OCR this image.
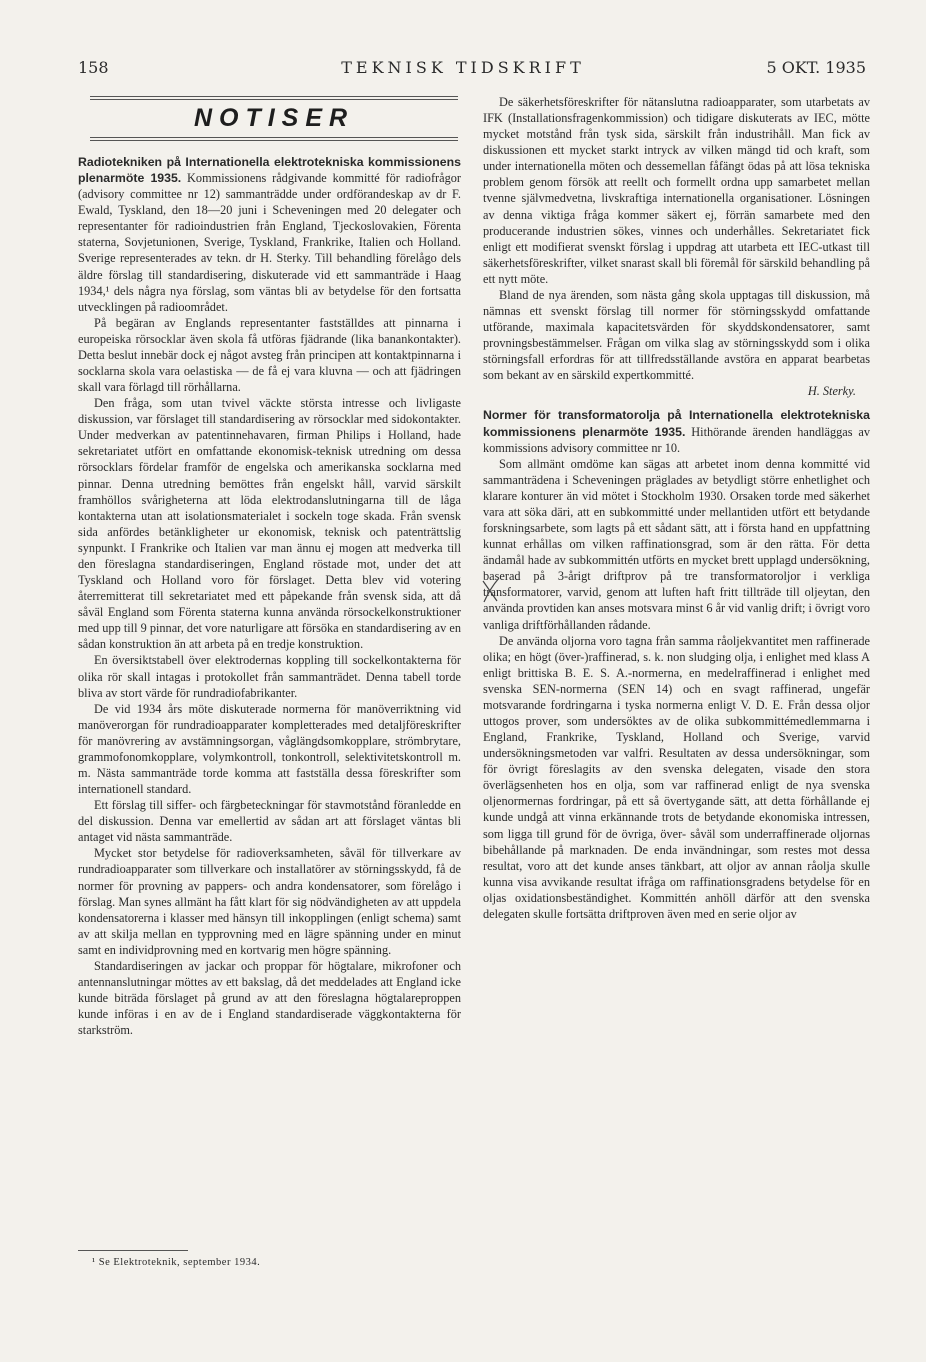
158	TEKNISK TIDSKRIFT	5 OKT. 1935
NOTISER

Radiotekniken på Internationella elektrotekniska kommissionens plenarmöte 1935. Kommissionens rådgivande kommitté för radiofrågor (advisory committee nr 12) sammanträdde under ordförandeskap av dr F. Ewald, Tyskland, den 18—20 juni i Scheveningen med 20 delegater och representanter för radioindustrien från England, Tjeckoslovakien, Förenta staterna, Sovjetunionen, Sverige, Tyskland, Frankrike, Italien och Holland. Sverige representerades av tekn. dr H. Sterky. Till behandling förelågo dels äldre förslag till standardisering, diskuterade vid ett sammanträde i Haag 1934,¹ dels några nya förslag, som väntas bli av betydelse för den fortsatta utvecklingen på radioområdet.

På begäran av Englands representanter fastställdes att pinnarna i europeiska rörsocklar även skola få utföras fjädrande (lika banankontakter). Detta beslut innebär dock ej något avsteg från principen att kontaktpinnarna i socklarna skola vara oelastiska — de få ej vara kluvna — och att fjädringen skall vara förlagd till rörhållarna.

Den fråga, som utan tvivel väckte största intresse och livligaste diskussion, var förslaget till standardisering av rörsocklar med sidokontakter. Under medverkan av patentinnehavaren, firman Philips i Holland, hade sekretariatet utfört en omfattande ekonomisk-teknisk utredning om dessa rörsocklars fördelar framför de engelska och amerikanska socklarna med pinnar. Denna utredning bemöttes från engelskt håll, varvid särskilt framhöllos svårigheterna att löda elektrodanslutningarna till de låga kontakterna utan att isolationsmaterialet i sockeln toge skada. Från svensk sida anfördes betänkligheter ur ekonomisk, teknisk och patenträttslig synpunkt. I Frankrike och Italien var man ännu ej mogen att medverka till den föreslagna standardiseringen, England röstade mot, under det att Tyskland och Holland voro för förslaget. Detta blev vid votering återremitterat till sekretariatet med ett påpekande från svensk sida, att då såväl England som Förenta staterna kunna använda rörsockelkonstruktioner med upp till 9 pinnar, det vore naturligare att försöka en standardisering av en sådan konstruktion än att arbeta på en tredje konstruktion.

En översiktstabell över elektrodernas koppling till sockelkontakterna för olika rör skall intagas i protokollet från sammanträdet. Denna tabell torde bliva av stort värde för rundradiofabrikanter.

De vid 1934 års möte diskuterade normerna för manöverriktning vid manöverorgan för rundradioapparater kompletterades med detaljföreskrifter för manövrering av avstämningsorgan, våglängdsomkopplare, strömbrytare, grammofonomkopplare, volymkontroll, tonkontroll, selektivitetskontroll m. m. Nästa sammanträde torde komma att fastställa dessa föreskrifter som internationell standard.

Ett förslag till siffer- och färgbeteckningar för stavmotstånd föranledde en del diskussion. Denna var emellertid av sådan art att förslaget väntas bli antaget vid nästa sammanträde.

Mycket stor betydelse för radioverksamheten, såväl för tillverkare av rundradioapparater som tillverkare och installatörer av störningsskydd, få de normer för provning av pappers- och andra kondensatorer, som förelågo i förslag. Man synes allmänt ha fått klart för sig nödvändigheten av att uppdela kondensatorerna i klasser med hänsyn till inkopplingen (enligt schema) samt av att skilja mellan en typprovning med en lägre spänning under en minut samt en individprovning med en kortvarig men högre spänning.

Standardiseringen av jackar och proppar för högtalare, mikrofoner och antennanslutningar möttes av ett bakslag, då det meddelades att England icke kunde biträda förslaget på grund av att den föreslagna högtalareproppen kunde införas i en av de i England standardiserade väggkontakterna för starkström.

De säkerhetsföreskrifter för nätanslutna radioapparater, som utarbetats av IFK (Installationsfragenkommission) och tidigare diskuterats av IEC, mötte mycket motstånd från tysk sida, särskilt från industrihåll. Man fick av diskussionen ett mycket starkt intryck av vilken mängd tid och kraft, som under internationella möten och dessemellan fåfängt ödas på att lösa tekniska problem genom försök att reellt och formellt ordna upp samarbetet mellan tvenne självmedvetna, livskraftiga internationella organisationer. Lösningen av denna viktiga fråga kommer säkert ej, förrän samarbete med den producerande industrien sökes, vinnes och underhålles. Sekretariatet fick enligt ett modifierat svenskt förslag i uppdrag att utarbeta ett IEC-utkast till säkerhetsföreskrifter, vilket snarast skall bli föremål för särskild behandling på ett nytt möte.

Bland de nya ärenden, som nästa gång skola upptagas till diskussion, må nämnas ett svenskt förslag till normer för störningsskydd omfattande utförande, maximala kapacitetsvärden för skyddskondensatorer, samt provningsbestämmelser. Frågan om vilka slag av störningsskydd som i olika störningsfall erfordras för att tillfredsställande avstöra en apparat bearbetas som bekant av en särskild expertkommitté.

H. Sterky.

Normer för transformatorolja på Internationella elektrotekniska kommissionens plenarmöte 1935. Hithörande ärenden handläggas av kommissions advisory committee nr 10.

Som allmänt omdöme kan sägas att arbetet inom denna kommitté vid sammanträdena i Scheveningen präglades av betydligt större enhetlighet och klarare konturer än vid mötet i Stockholm 1930. Orsaken torde med säkerhet vara att söka däri, att en subkommitté under mellantiden utfört ett betydande forskningsarbete, som lagts på ett sådant sätt, att i första hand en uppfattning kunnat erhållas om vilken raffinationsgrad, som är den rätta. För detta ändamål hade av subkommittén utförts en mycket brett upplagd undersökning, baserad på 3-årigt driftprov på tre transformatoroljor i verkliga transformatorer, varvid, genom att luften haft fritt tillträde till oljeytan, den använda provtiden kan anses motsvara minst 6 år vid vanlig drift; i övrigt voro vanliga driftförhållanden rådande.

De använda oljorna voro tagna från samma råoljekvantitet men raffinerade olika; en högt (över-)raffinerad, s. k. non sludging olja, i enlighet med klass A enligt brittiska B. E. S. A.-normerna, en medelraffinerad i enlighet med svenska SEN-normerna (SEN 14) och en svagt raffinerad, ungefär motsvarande fordringarna i tyska normerna enligt V. D. E. Från dessa oljor uttogos prover, som undersöktes av de olika subkommittémedlemmarna i England, Frankrike, Tyskland, Holland och Sverige, varvid undersökningsmetoden var valfri. Resultaten av dessa undersökningar, som för övrigt föreslagits av den svenska delegaten, visade den stora överlägsenheten hos en olja, som var raffinerad enligt de nya svenska oljenormernas fordringar, på ett så övertygande sätt, att detta förhållande ej kunde undgå att vinna erkännande trots de betydande ekonomiska intressen, som ligga till grund för de övriga, över- såväl som underraffinerade oljornas bibehållande på marknaden. De enda invändningar, som restes mot dessa resultat, voro att det kunde anses tänkbart, att oljor av annan råolja skulle kunna visa avvikande resultat ifråga om raffinationsgradens betydelse för en oljas oxidationsbeständighet. Kommittén anhöll därför att den svenska delegaten skulle fortsätta driftproven även med en serie oljor av

¹ Se Elektroteknik, september 1934.
